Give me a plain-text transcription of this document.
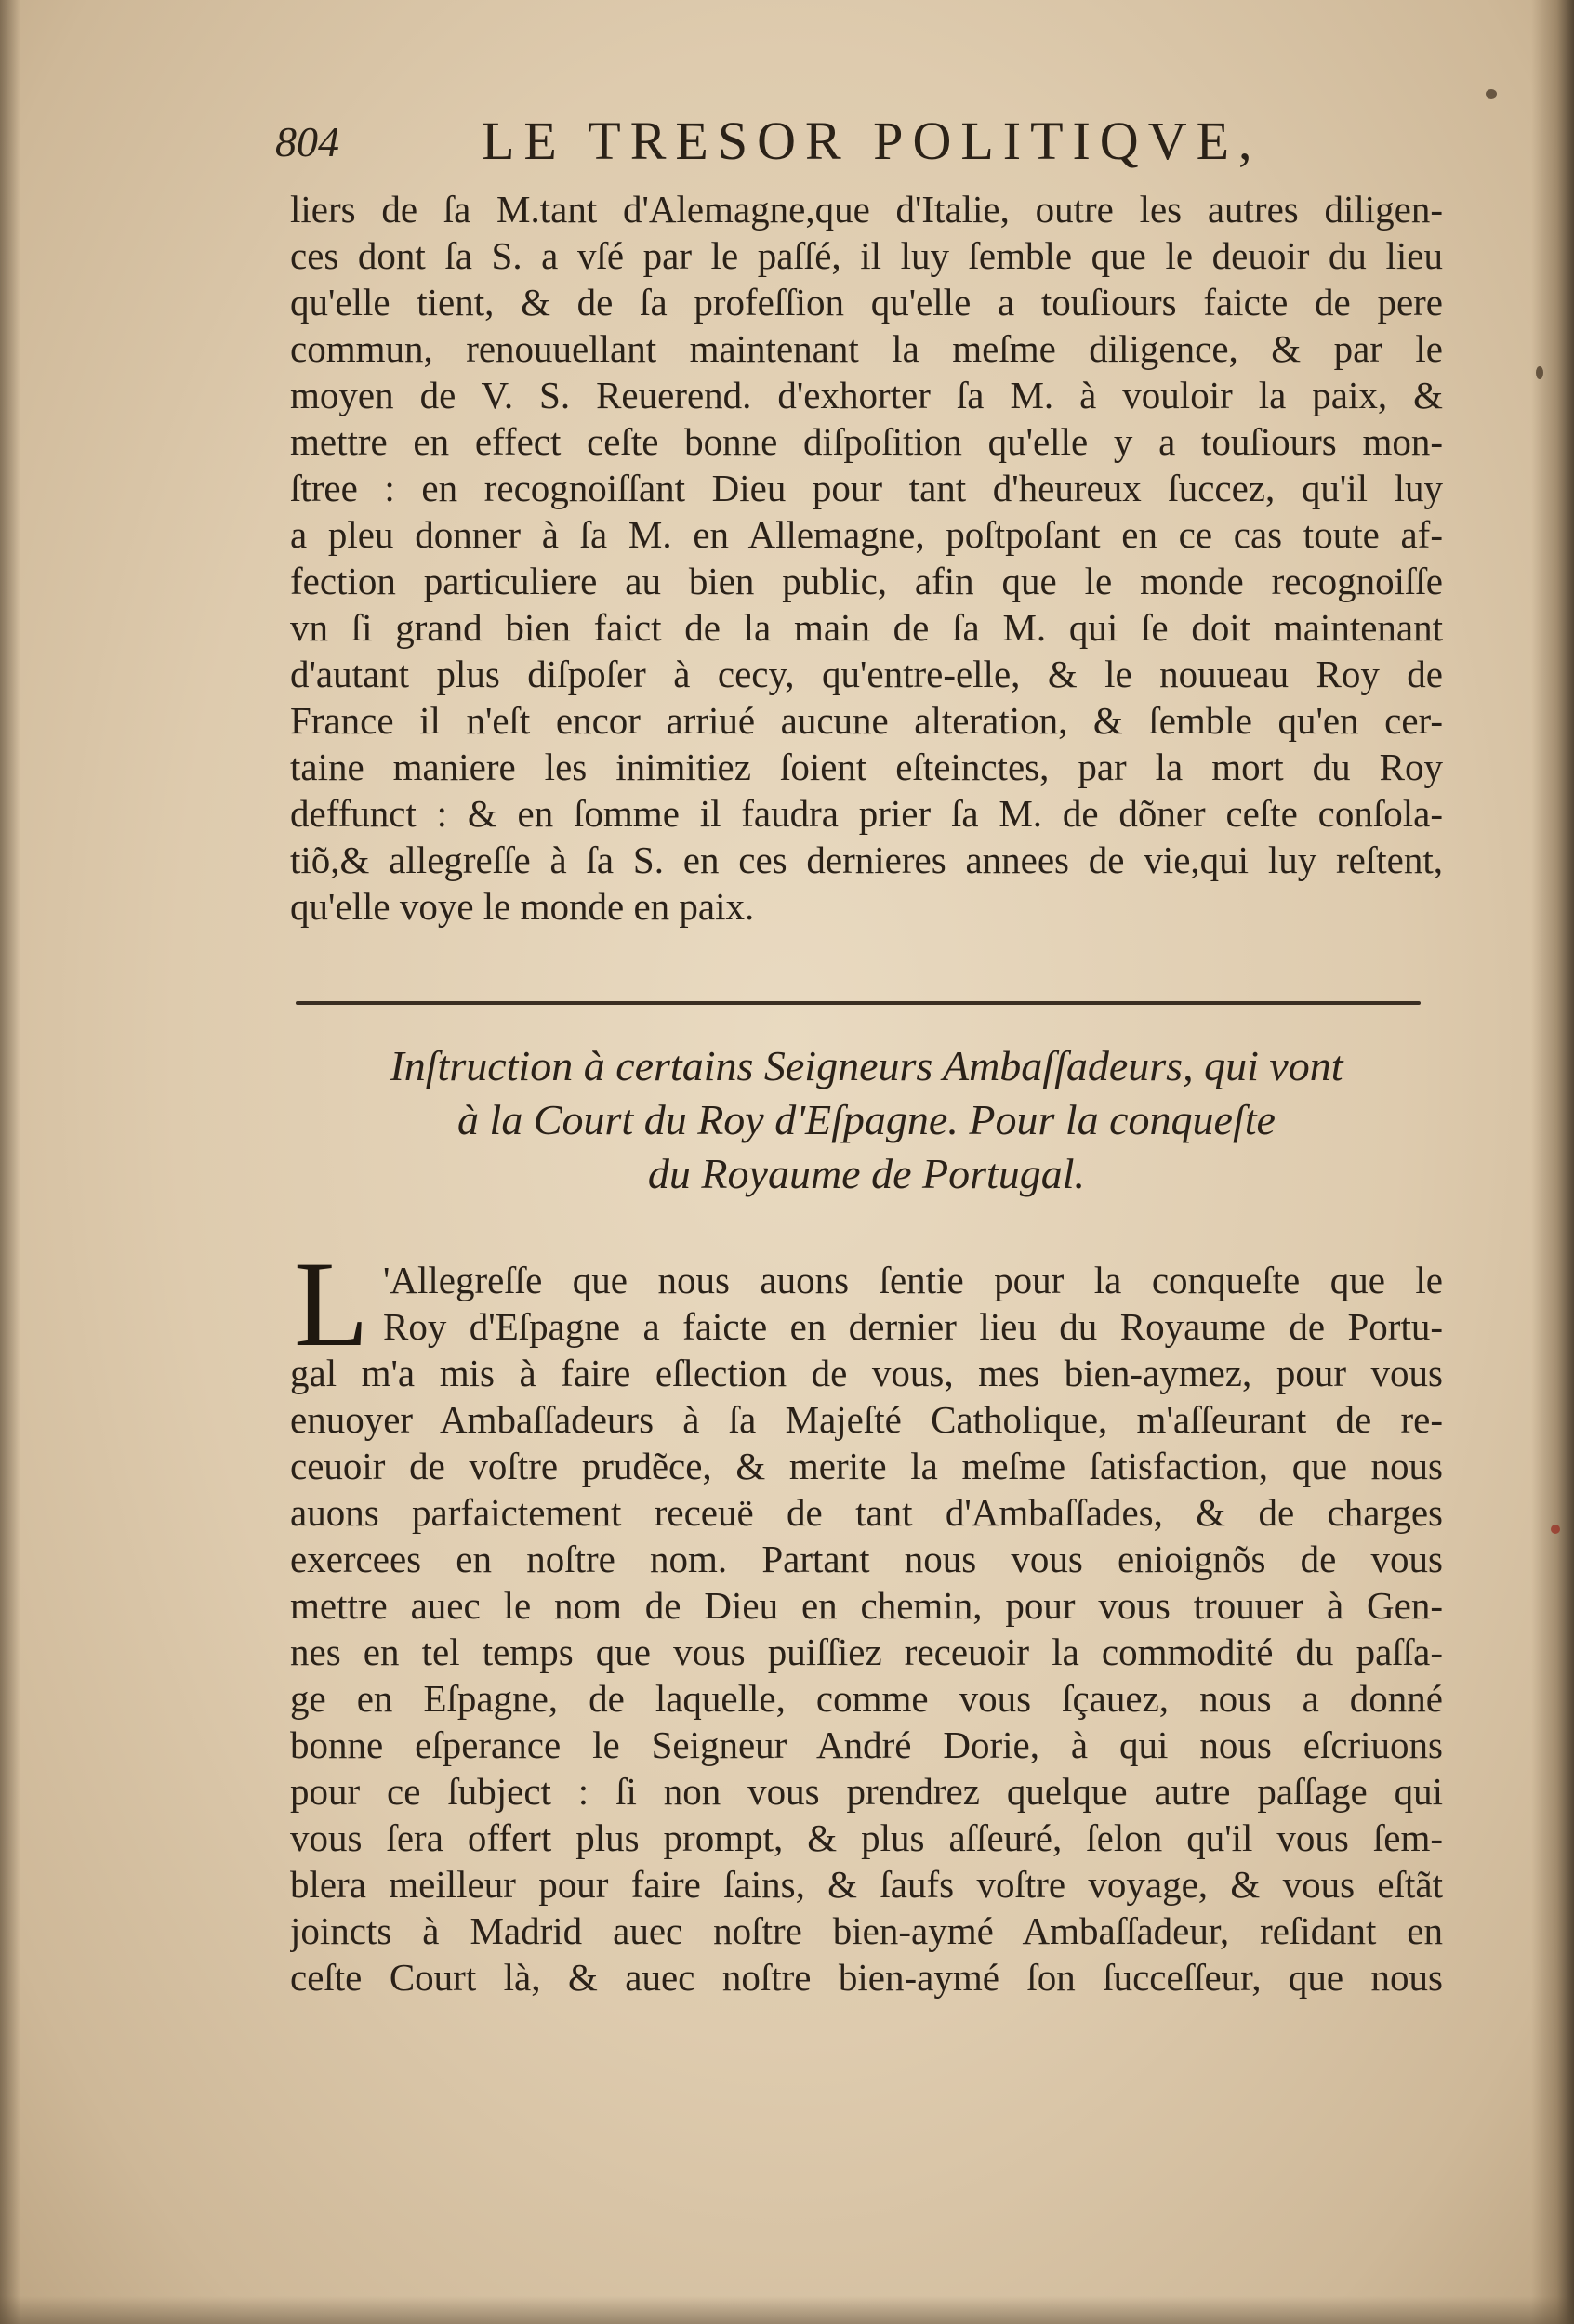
804	LE TRESOR POLITIQVE,
liers de ſa M.tant d'Alemagne,que d'Italie, outre les autres diligen-
ces dont ſa S. a vſé par le paſſé, il luy ſemble que le deuoir du lieu
qu'elle tient, & de ſa profeſſion qu'elle a touſiours faicte de pere
commun, renouuellant maintenant la meſme diligence, & par le
moyen de V. S. Reuerend. d'exhorter ſa M. à vouloir la paix, &
mettre en effect ceſte bonne diſpoſition qu'elle y a touſiours mon-
ſtree : en recognoiſſant Dieu pour tant d'heureux ſuccez, qu'il luy
a pleu donner à ſa M. en Allemagne, poſtpoſant en ce cas toute af-
fection particuliere au bien public, afin que le monde recognoiſſe
vn ſi grand bien faict de la main de ſa M. qui ſe doit maintenant
d'autant plus diſpoſer à cecy, qu'entre-elle, & le nouueau Roy de
France il n'eſt encor arriué aucune alteration, & ſemble qu'en cer-
taine maniere les inimitiez ſoient eſteinctes, par la mort du Roy
deffunct : & en ſomme il faudra prier ſa M. de dõner ceſte conſola-
tiõ,& allegreſſe à ſa S. en ces dernieres annees de vie,qui luy reſtent,
qu'elle voye le monde en paix.
Inſtruction à certains Seigneurs Ambaſſadeurs, qui vont
à la Court du Roy d'Eſpagne. Pour la conqueſte
du Royaume de Portugal.
L 'Allegreſſe que nous auons ſentie pour la conqueſte que le
Roy d'Eſpagne a faicte en dernier lieu du Royaume de Portu-
gal m'a mis à faire eſlection de vous, mes bien-aymez, pour vous
enuoyer Ambaſſadeurs à ſa Majeſté Catholique, m'aſſeurant de re-
ceuoir de voſtre prudẽce, & merite la meſme ſatisfaction, que nous
auons parfaictement receuë de tant d'Ambaſſades, & de charges
exercees en noſtre nom. Partant nous vous enioignõs de vous
mettre auec le nom de Dieu en chemin, pour vous trouuer à Gen-
nes en tel temps que vous puiſſiez receuoir la commodité du paſſa-
ge en Eſpagne, de laquelle, comme vous ſçauez, nous a donné
bonne eſperance le Seigneur André Dorie, à qui nous eſcriuons
pour ce ſubject : ſi non vous prendrez quelque autre paſſage qui
vous ſera offert plus prompt, & plus aſſeuré, ſelon qu'il vous ſem-
blera meilleur pour faire ſains, & ſaufs voſtre voyage, & vous eſtãt
joincts à Madrid auec noſtre bien-aymé Ambaſſadeur, reſidant en
ceſte Court là, & auec noſtre bien-aymé ſon ſucceſſeur, que nous
